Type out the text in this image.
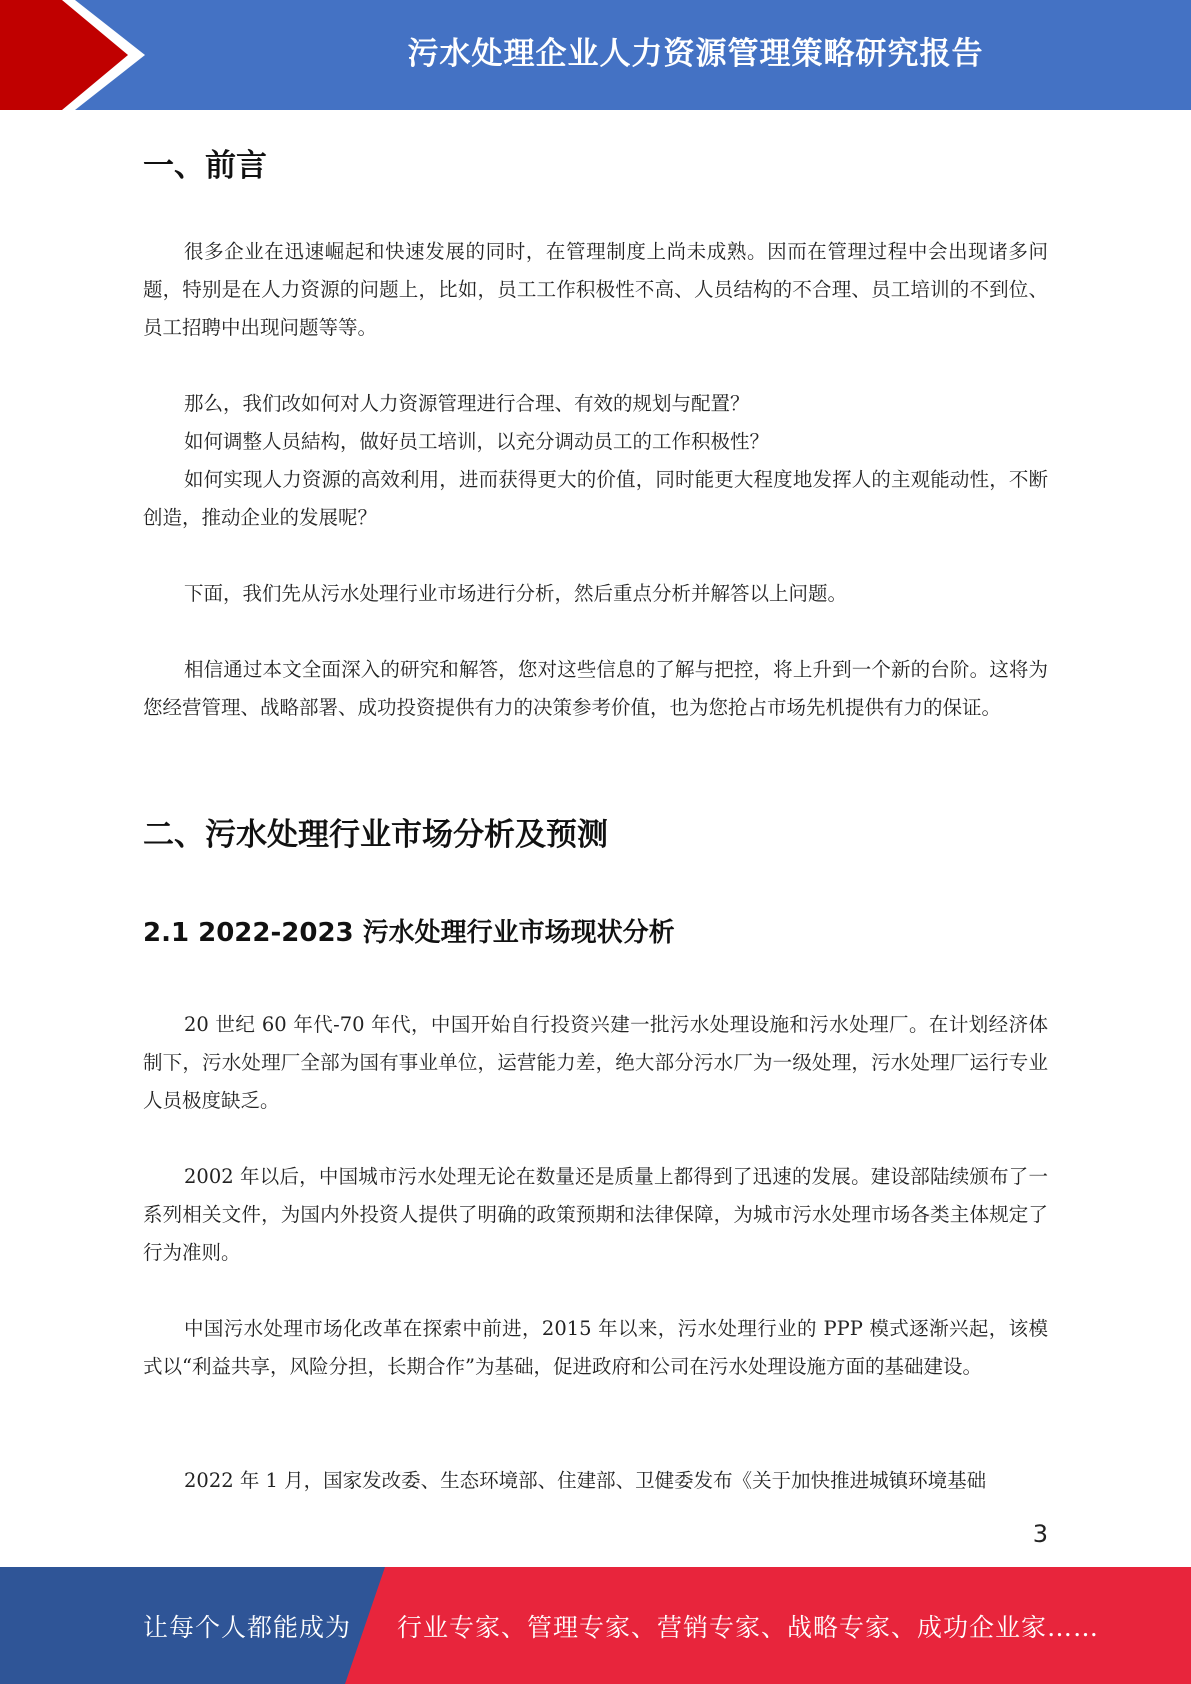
污水处理企业人力资源管理策略研究报告
一、前言

很多企业在迅速崛起和快速发展的同时，在管理制度上尚未成熟。因而在管理过程中会出现诸多问题，特别是在人力资源的问题上，比如，员工工作积极性不高、人员结构的不合理、员工培训的不到位、员工招聘中出现问题等等。

那么，我们改如何对人力资源管理进行合理、有效的规划与配置？

如何调整人员結构，做好员工培训，以充分调动员工的工作积极性？

如何实现人力资源的高效利用，进而获得更大的价值，同时能更大程度地发挥人的主观能动性，不断创造，推动企业的发展呢？

下面，我们先从污水处理行业市场进行分析，然后重点分析并解答以上问题。

相信通过本文全面深入的研究和解答，您对这些信息的了解与把控，将上升到一个新的台阶。这将为您经营管理、战略部署、成功投资提供有力的决策参考价值，也为您抢占市场先机提供有力的保证。

二、污水处理行业市场分析及预测
2.1 2022-2023 污水处理行业市场现状分析

20 世纪 60 年代-70 年代，中国开始自行投资兴建一批污水处理设施和污水处理厂。在计划经济体制下，污水处理厂全部为国有事业单位，运营能力差，绝大部分污水厂为一级处理，污水处理厂运行专业人员极度缺乏。

2002 年以后，中国城市污水处理无论在数量还是质量上都得到了迅速的发展。建设部陆续颁布了一系列相关文件，为国内外投资人提供了明确的政策预期和法律保障，为城市污水处理市场各类主体规定了行为准则。

中国污水处理市场化改革在探索中前进，2015 年以来，污水处理行业的 PPP 模式逐渐兴起，该模式以“利益共享，风险分担，长期合作”为基础，促进政府和公司在污水处理设施方面的基础建设。

2022 年 1 月，国家发改委、生态环境部、住建部、卫健委发布《关于加快推进城镇环境基础

3
让每个人都能成为 行业专家、管理专家、营销专家、战略专家、成功企业家……
